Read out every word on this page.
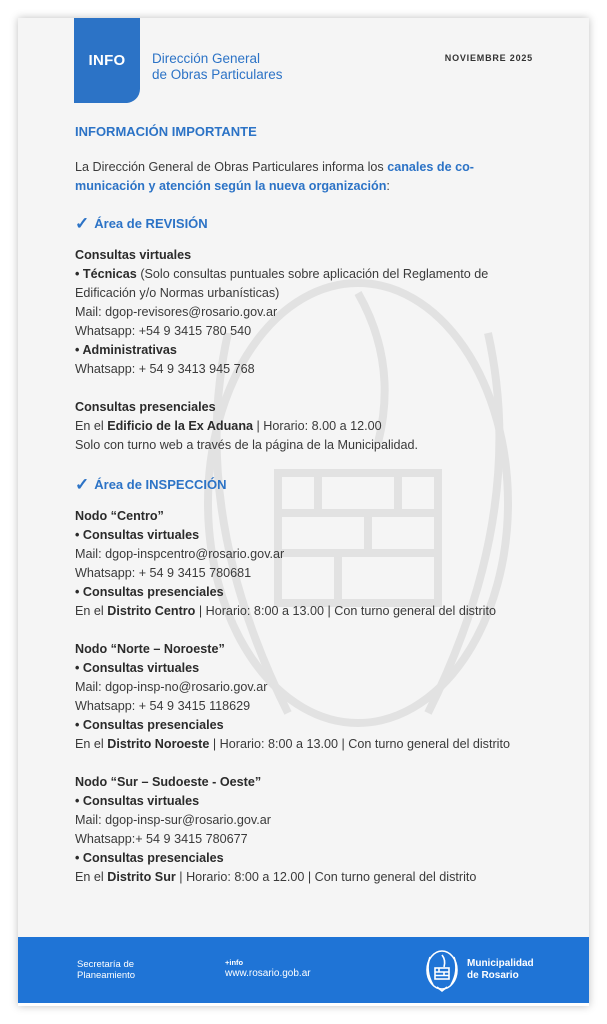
INFO Dirección General
de Obras Particulares
NOVIEMBRE 2025
INFORMACIÓN IMPORTANTE
La Dirección General de Obras Particulares informa los canales de co-
municación y atención según la nueva organización:
✓ Área de REVISIÓN
Consultas virtuales
• Técnicas (Solo consultas puntuales sobre aplicación del Reglamento de
Edificación y/o Normas urbanísticas)
Mail: dgop-revisores@rosario.gov.ar
Whatsapp: +54 9 3415 780 540
• Administrativas
Whatsapp: + 54 9 3413 945 768
Consultas presenciales
En el Edificio de la Ex Aduana | Horario: 8.00 a 12.00
Solo con turno web a través de la página de la Municipalidad.
✓ Área de INSPECCIÓN
Nodo “Centro”
• Consultas virtuales
Mail: dgop-inspcentro@rosario.gov.ar
Whatsapp: + 54 9 3415 780681
• Consultas presenciales
En el Distrito Centro | Horario: 8:00 a 13.00 | Con turno general del distrito
Nodo “Norte – Noroeste”
• Consultas virtuales
Mail: dgop-insp-no@rosario.gov.ar
Whatsapp: + 54 9 3415 118629
• Consultas presenciales
En el Distrito Noroeste | Horario: 8:00 a 13.00 | Con turno general del distrito
Nodo “Sur – Sudoeste - Oeste”
• Consultas virtuales
Mail: dgop-insp-sur@rosario.gov.ar
Whatsapp:+ 54 9 3415 780677
• Consultas presenciales
En el Distrito Sur | Horario: 8:00 a 12.00 | Con turno general del distrito
Secretaría de
Planeamiento
+info
www.rosario.gob.ar
Municipalidad
de Rosario
